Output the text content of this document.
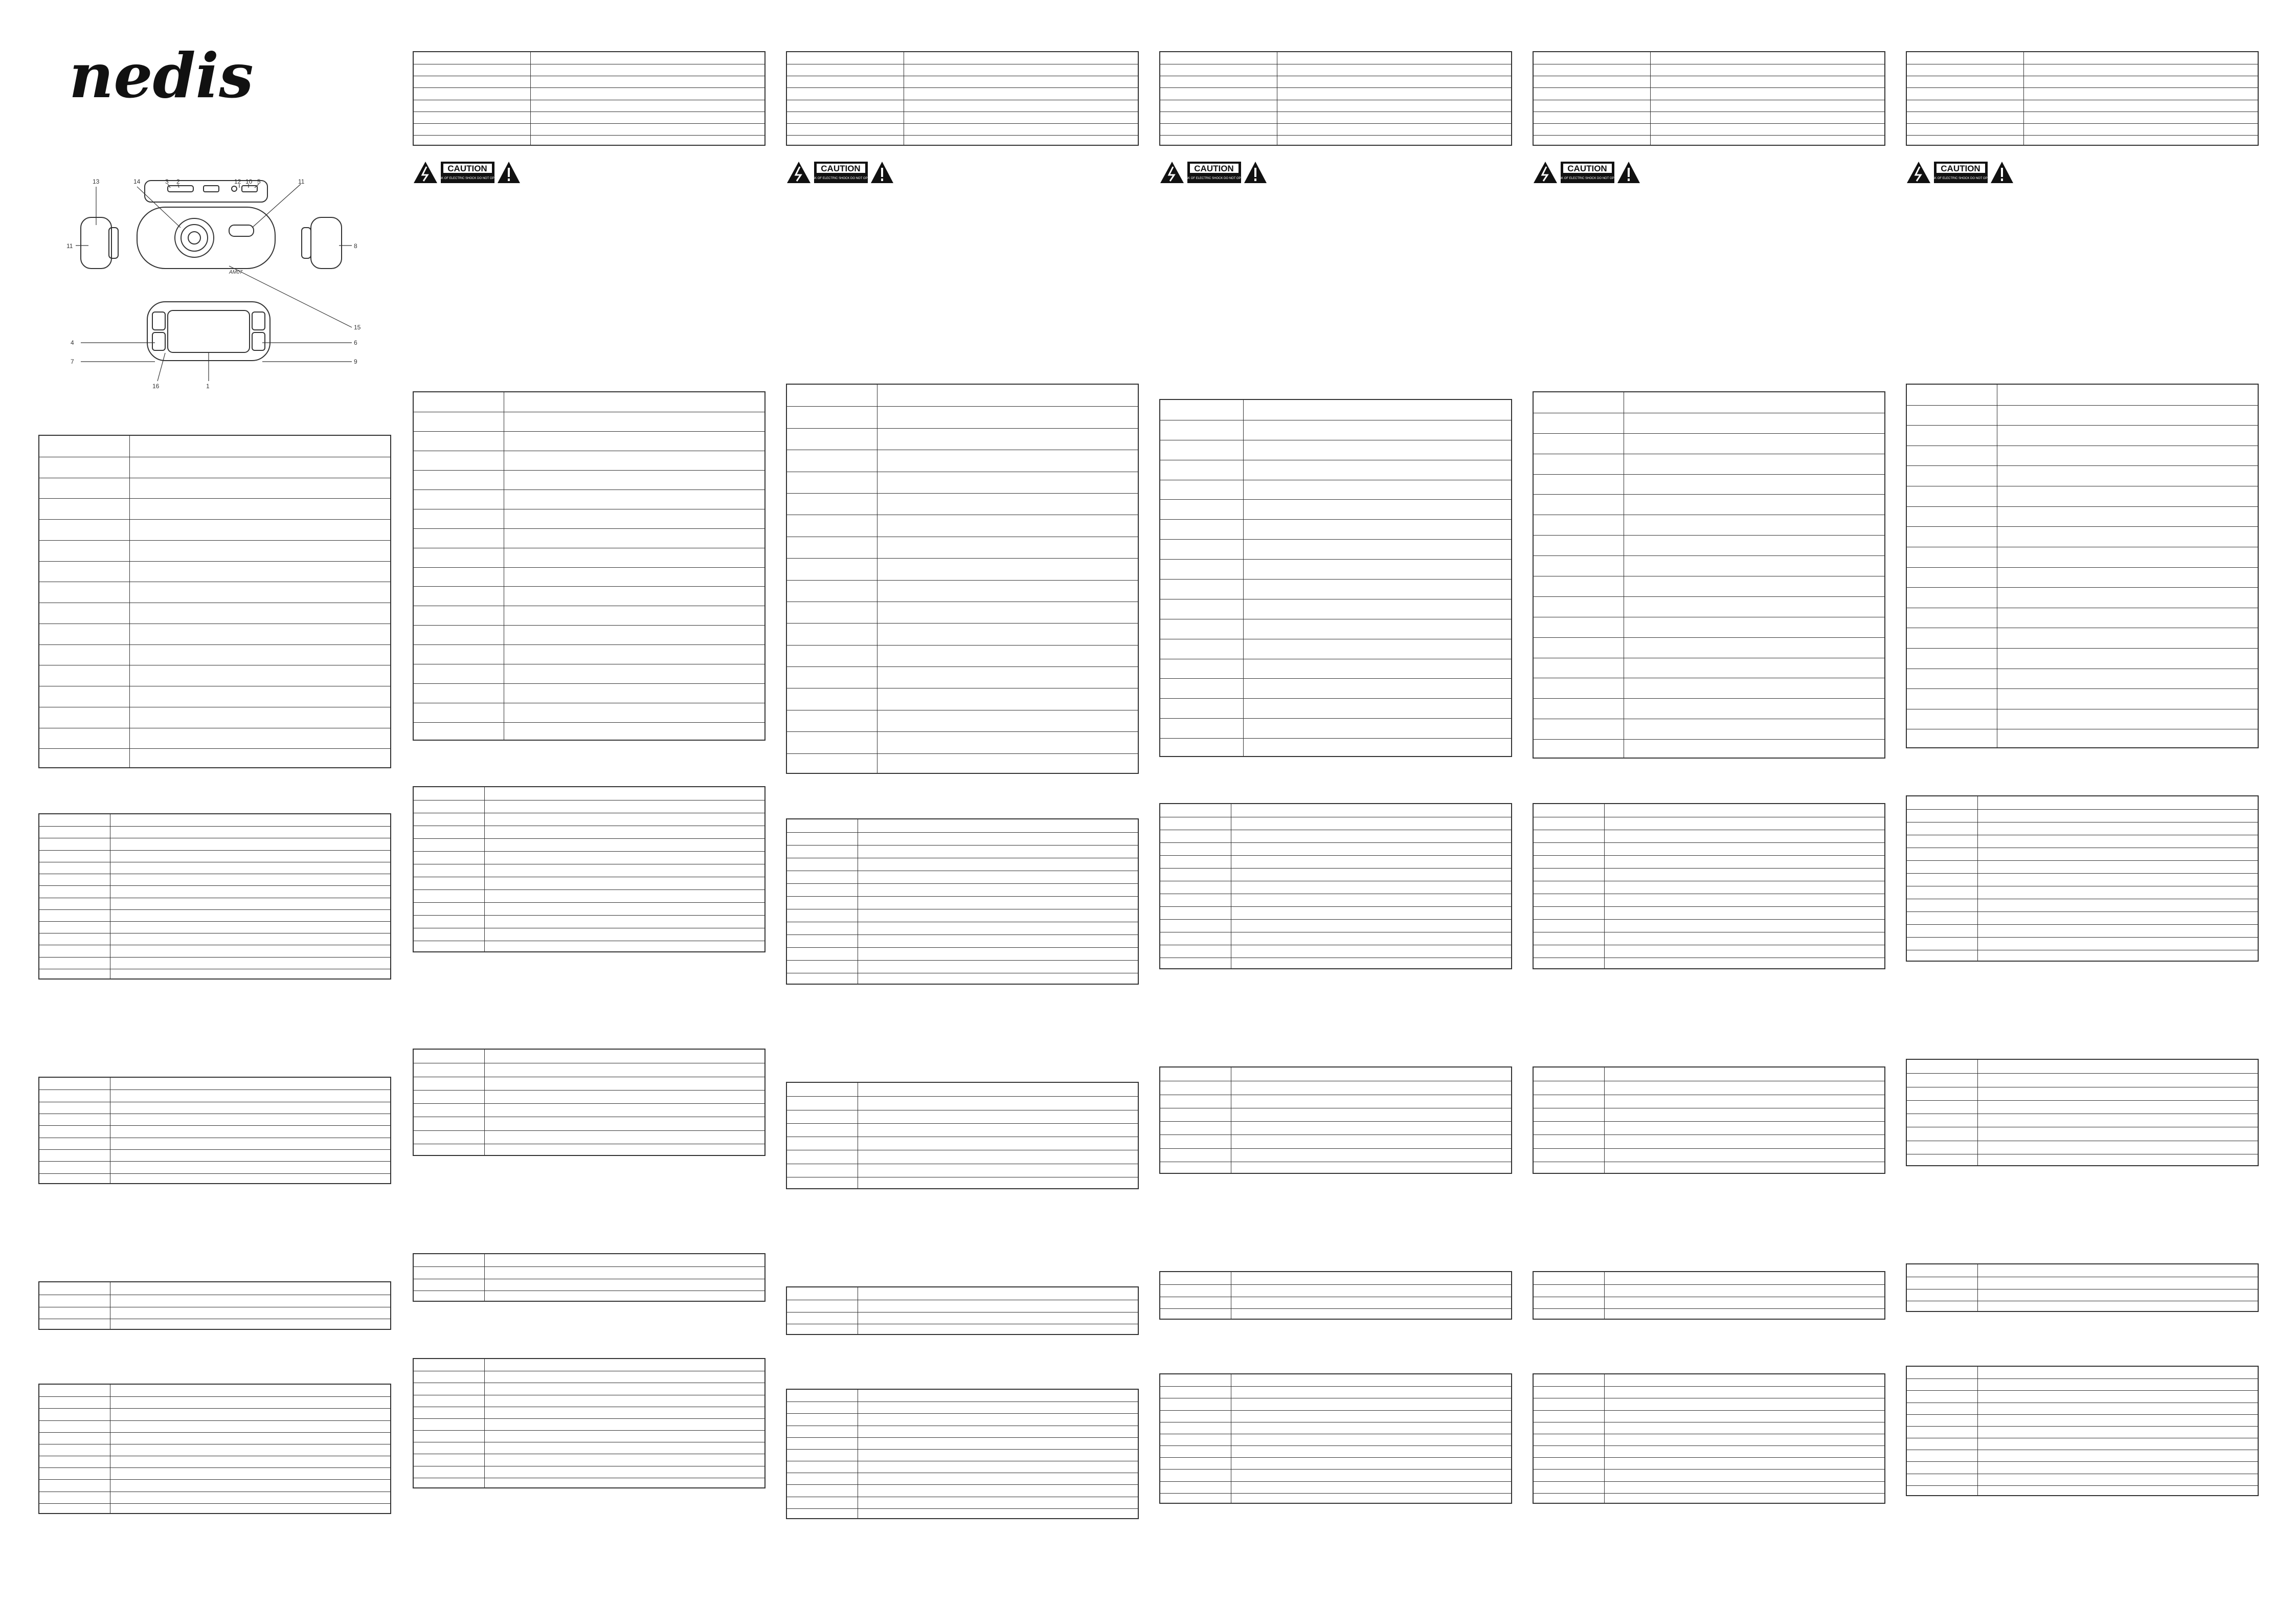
nedis
13	14	3 2	12 10 5	11
11	8
15
4
7
16	1
6
9
AM07
CAUTION
RISK OF ELECTRIC SHOCK DO NOT OPEN
CAUTION
RISK OF ELECTRIC SHOCK DO NOT OPEN
CAUTION
RISK OF ELECTRIC SHOCK DO NOT OPEN
CAUTION
RISK OF ELECTRIC SHOCK DO NOT OPEN
CAUTION
RISK OF ELECTRIC SHOCK DO NOT OPEN
